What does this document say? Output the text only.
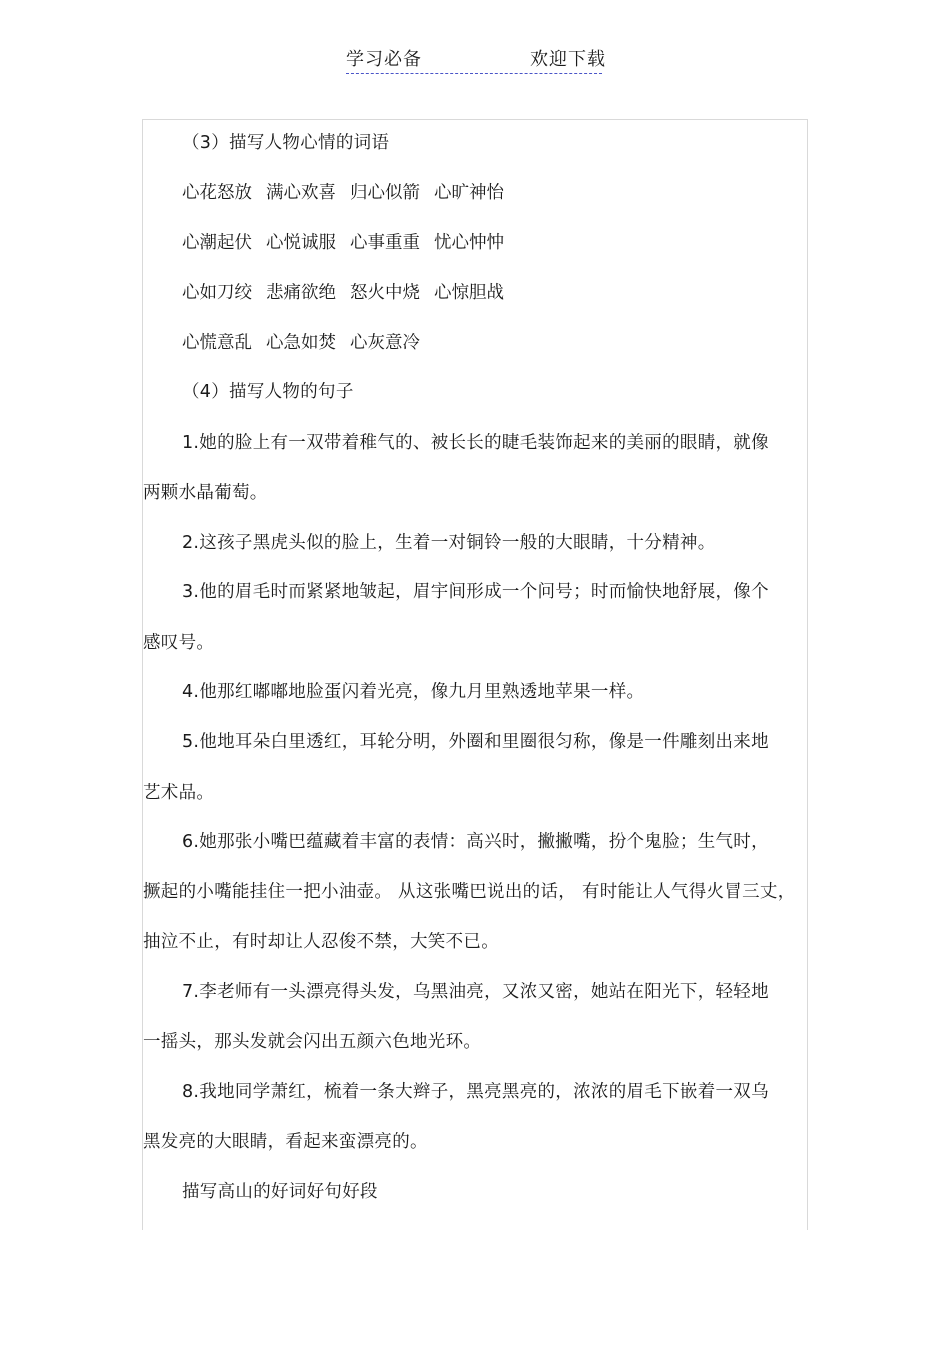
学习必备	欢迎下载
（3）描写人物心情的词语
心花怒放 满心欢喜 归心似箭 心旷神怡
心潮起伏 心悦诚服 心事重重 忧心忡忡
心如刀绞 悲痛欲绝 怒火中烧 心惊胆战
心慌意乱 心急如焚 心灰意冷
（4）描写人物的句子
1.她的脸上有一双带着稚气的、被长长的睫毛装饰起来的美丽的眼睛，就像
两颗水晶葡萄。
2.这孩子黑虎头似的脸上，生着一对铜铃一般的大眼睛，十分精神。
3.他的眉毛时而紧紧地皱起，眉宇间形成一个问号；时而愉快地舒展，像个
感叹号。
4.他那红嘟嘟地脸蛋闪着光亮，像九月里熟透地苹果一样。
5.他地耳朵白里透红，耳轮分明，外圈和里圈很匀称，像是一件雕刻出来地
艺术品。
6.她那张小嘴巴蕴藏着丰富的表情：高兴时，撇撇嘴，扮个鬼脸；生气时，
撅起的小嘴能挂住一把小油壶。 从这张嘴巴说出的话， 有时能让人气得火冒三丈，
抽泣不止，有时却让人忍俊不禁，大笑不已。
7.李老师有一头漂亮得头发，乌黑油亮，又浓又密，她站在阳光下，轻轻地
一摇头，那头发就会闪出五颜六色地光环。
8.我地同学萧红，梳着一条大辫子，黑亮黑亮的，浓浓的眉毛下嵌着一双乌
黑发亮的大眼睛，看起来蛮漂亮的。
描写高山的好词好句好段
